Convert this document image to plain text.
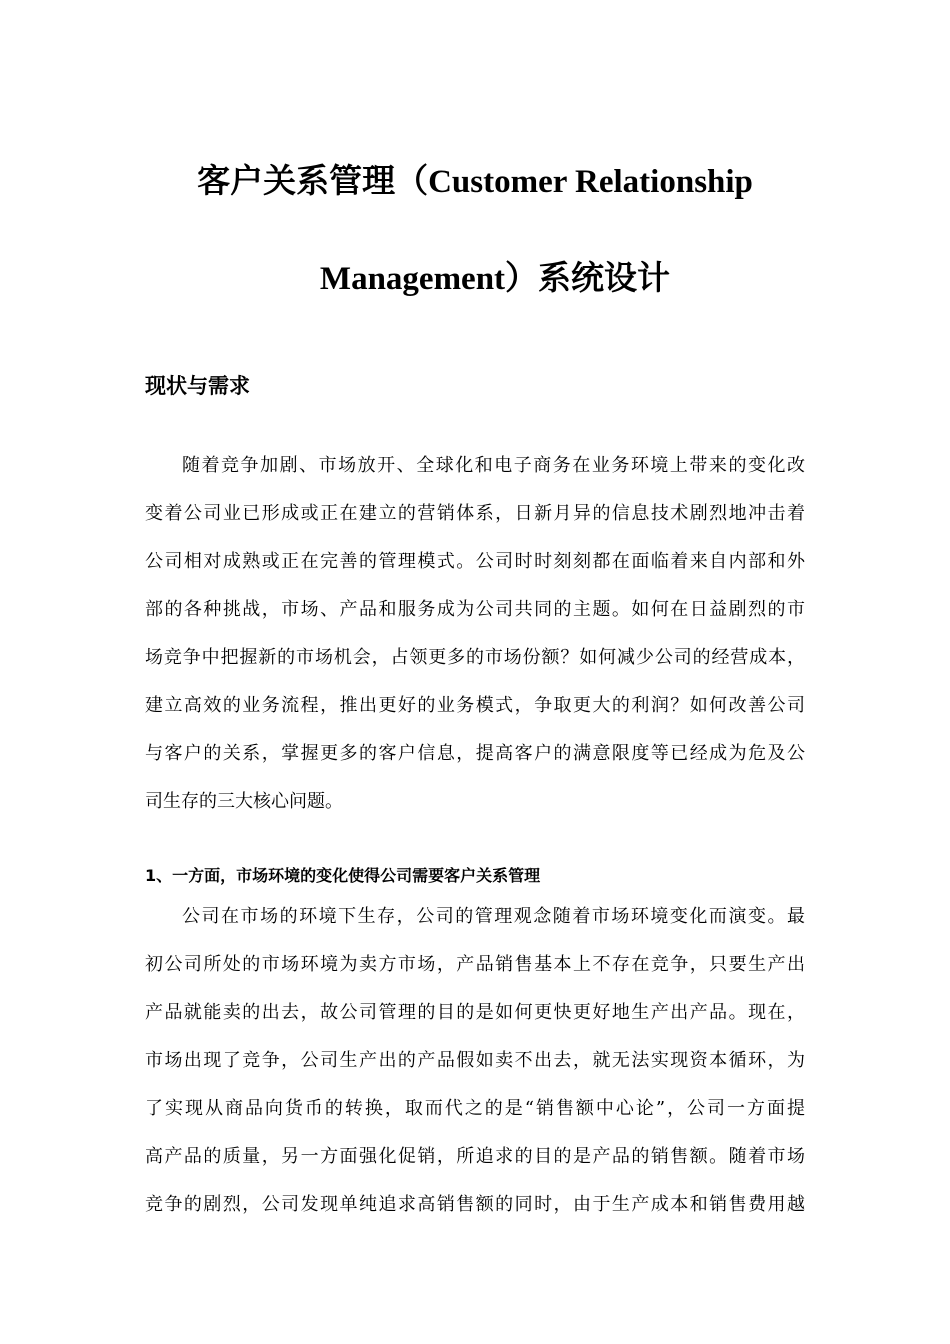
客户关系管理（Customer Relationship
Management）系统设计
现状与需求
随着竞争加剧、市场放开、全球化和电子商务在业务环境上带来的变化改
变着公司业已形成或正在建立的营销体系，日新月异的信息技术剧烈地冲击着
公司相对成熟或正在完善的管理模式。公司时时刻刻都在面临着来自内部和外
部的各种挑战，市场、产品和服务成为公司共同的主题。如何在日益剧烈的市
场竞争中把握新的市场机会，占领更多的市场份额？如何减少公司的经营成本，
建立高效的业务流程，推出更好的业务模式，争取更大的利润？如何改善公司
与客户的关系，掌握更多的客户信息，提高客户的满意限度等已经成为危及公
司生存的三大核心问题。
1、一方面，市场环境的变化使得公司需要客户关系管理
公司在市场的环境下生存，公司的管理观念随着市场环境变化而演变。最
初公司所处的市场环境为卖方市场，产品销售基本上不存在竞争，只要生产出
产品就能卖的出去，故公司管理的目的是如何更快更好地生产出产品。现在，
市场出现了竞争，公司生产出的产品假如卖不出去，就无法实现资本循环，为
了实现从商品向货币的转换，取而代之的是“销售额中心论”，公司一方面提
高产品的质量，另一方面强化促销，所追求的目的是产品的销售额。随着市场
竞争的剧烈，公司发现单纯追求高销售额的同时，由于生产成本和销售费用越
